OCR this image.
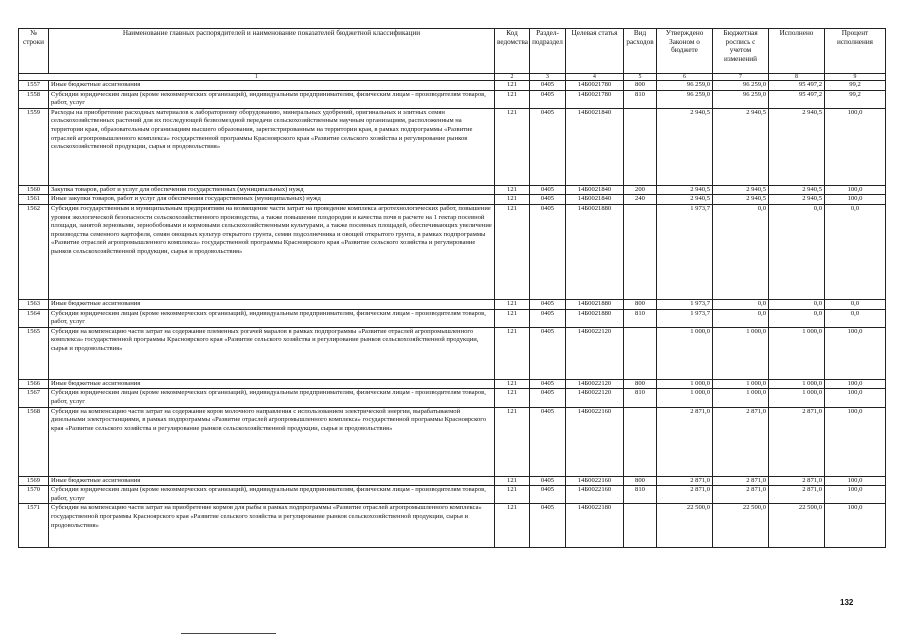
№ строки	Наименование главных распорядителей и наименование показателей бюджетной классификации	Код ведомства	Раздел-подраздел	Целевая статья	Вид расходов	Утверждено Законом о бюджете	Бюджетная роспись с учетом изменений	Исполнено	Процент исполнения
1		2	3	4	5	6	7	8	9
1557	Иные бюджетные ассигнования	121	0405	14Б0021780	800	96 259,0	96 259,0	95 497,2	99,2
1558	Субсидии юридическим лицам (кроме некоммерческих организаций), индивидуальным предпринимателям, физическим лицам - производителям товаров, работ, услуг	121	0405	14Б0021780	810	96 259,0	96 259,0	95 497,2	99,2
1559	Расходы на приобретение расходных материалов к лабораторному оборудованию, минеральных удобрений, оригинальных и элитных семян сельскохозяйственных растений для их последующей безвозмездной передачи сельскохозяйственным научным организациям, расположенным на территории края, образовательным организациям высшего образования, зарегистрированным на территории края, в рамках подпрограммы «Развитие отраслей агропромышленного комплекса» государственной программы Красноярского края «Развитие сельского хозяйства и регулирование рынков сельскохозяйственной продукции, сырья и продовольствия»	121	0405	14Б0021840		2 940,5	2 940,5	2 940,5	100,0
1560	Закупка товаров, работ и услуг для обеспечения государственных (муниципальных) нужд	121	0405	14Б0021840	200	2 940,5	2 940,5	2 940,5	100,0
1561	Иные закупки товаров, работ и услуг для обеспечения государственных (муниципальных) нужд	121	0405	14Б0021840	240	2 940,5	2 940,5	2 940,5	100,0
1562	Субсидии государственным и муниципальным предприятиям на возмещение части затрат на проведение комплекса агротехнологических работ, повышение уровня экологической безопасности сельскохозяйственного производства, а также повышение плодородия и качества почв в расчете на 1 гектар посевной площади, занятой зерновыми, зернобобовыми и кормовыми сельскохозяйственными культурами, а также посевных площадей, обеспечивающих увеличение производства семенного картофеля, семян овощных культур открытого грунта, семян подсолнечника и овощей открытого грунта, в рамках подпрограммы «Развитие отраслей агропромышленного комплекса» государственной программы Красноярского края «Развитие сельского хозяйства и регулирование рынков сельскохозяйственной продукции, сырья и продовольствия»	121	0405	14Б0021880		1 973,7	0,0	0,0	0,0
1563	Иные бюджетные ассигнования	121	0405	14Б0021880	800	1 973,7	0,0	0,0	0,0
1564	Субсидии юридическим лицам (кроме некоммерческих организаций), индивидуальным предпринимателям, физическим лицам - производителям товаров, работ, услуг	121	0405	14Б0021880	810	1 973,7	0,0	0,0	0,0
1565	Субсидии на компенсацию части затрат на содержание племенных рогачей маралов в рамках подпрограммы «Развитие отраслей агропромышленного комплекса» государственной программы Красноярского края «Развитие сельского хозяйства и регулирование рынков сельскохозяйственной продукции, сырья и продовольствия»	121	0405	14Б0022120		1 000,0	1 000,0	1 000,0	100,0
1566	Иные бюджетные ассигнования	121	0405	14Б0022120	800	1 000,0	1 000,0	1 000,0	100,0
1567	Субсидии юридическим лицам (кроме некоммерческих организаций), индивидуальным предпринимателям, физическим лицам - производителям товаров, работ, услуг	121	0405	14Б0022120	810	1 000,0	1 000,0	1 000,0	100,0
1568	Субсидии на компенсацию части затрат на содержание коров молочного направления с использованием электрической энергии, вырабатываемой дизельными электростанциями, в рамках подпрограммы «Развитие отраслей агропромышленного комплекса» государственной программы Красноярского края «Развитие сельского хозяйства и регулирование рынков сельскохозяйственной продукции, сырья и продовольствия»	121	0405	14Б0022160		2 871,0	2 871,0	2 871,0	100,0
1569	Иные бюджетные ассигнования	121	0405	14Б0022160	800	2 871,0	2 871,0	2 871,0	100,0
1570	Субсидии юридическим лицам (кроме некоммерческих организаций), индивидуальным предпринимателям, физическим лицам - производителям товаров, работ, услуг	121	0405	14Б0022160	810	2 871,0	2 871,0	2 871,0	100,0
1571	Субсидии на компенсацию части затрат на приобретение кормов для рыбы в рамках подпрограммы «Развитие отраслей агропромышленного комплекса» государственной программы Красноярского края «Развитие сельского хозяйства и регулирование рынков сельскохозяйственной продукции, сырья и продовольствия»	121	0405	14Б0022180		22 500,0	22 500,0	22 500,0	100,0
132
